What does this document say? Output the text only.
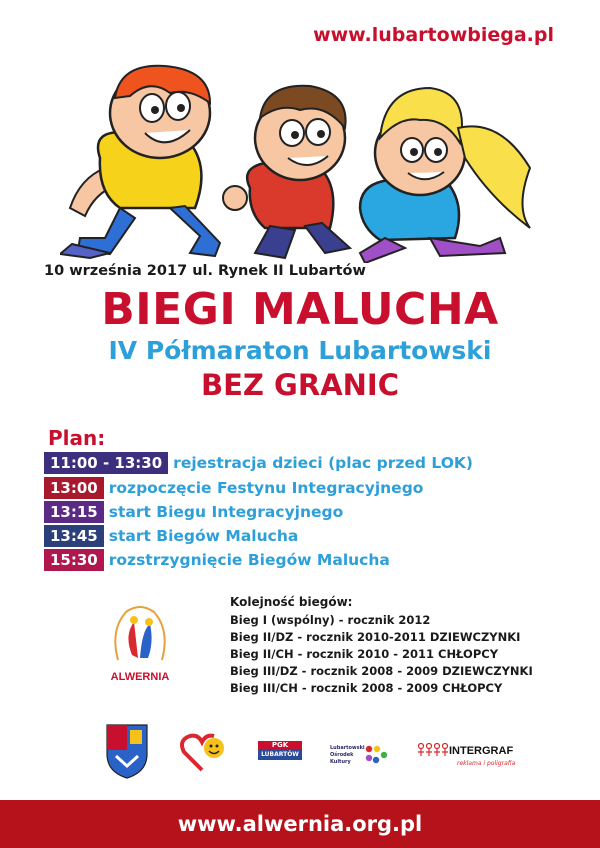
www.lubartowbiega.pl
10 września 2017 ul. Rynek II Lubartów
BIEGI MALUCHA
IV Półmaraton Lubartowski
BEZ GRANIC
Plan:
11:00 - 13:30 rejestracja dzieci (plac przed LOK)
13:00 rozpoczęcie Festynu Integracyjnego
13:15 start Biegu Integracyjnego
13:45 start Biegów Malucha
15:30 rozstrzygnięcie Biegów Malucha
ALWERNIA
Kolejność biegów:
Bieg I (wspólny) - rocznik 2012
Bieg II/DZ - rocznik 2010-2011 DZIEWCZYNKI
Bieg II/CH - rocznik 2010 - 2011 CHŁOPCY
Bieg III/DZ - rocznik 2008 - 2009 DZIEWCZYNKI
Bieg III/CH - rocznik 2008 - 2009 CHŁOPCY
PGK
LUBARTÓW
Lubartowski Ośrodek Kultury
INTERGRAF
reklama i poligrafia
www.alwernia.org.pl
